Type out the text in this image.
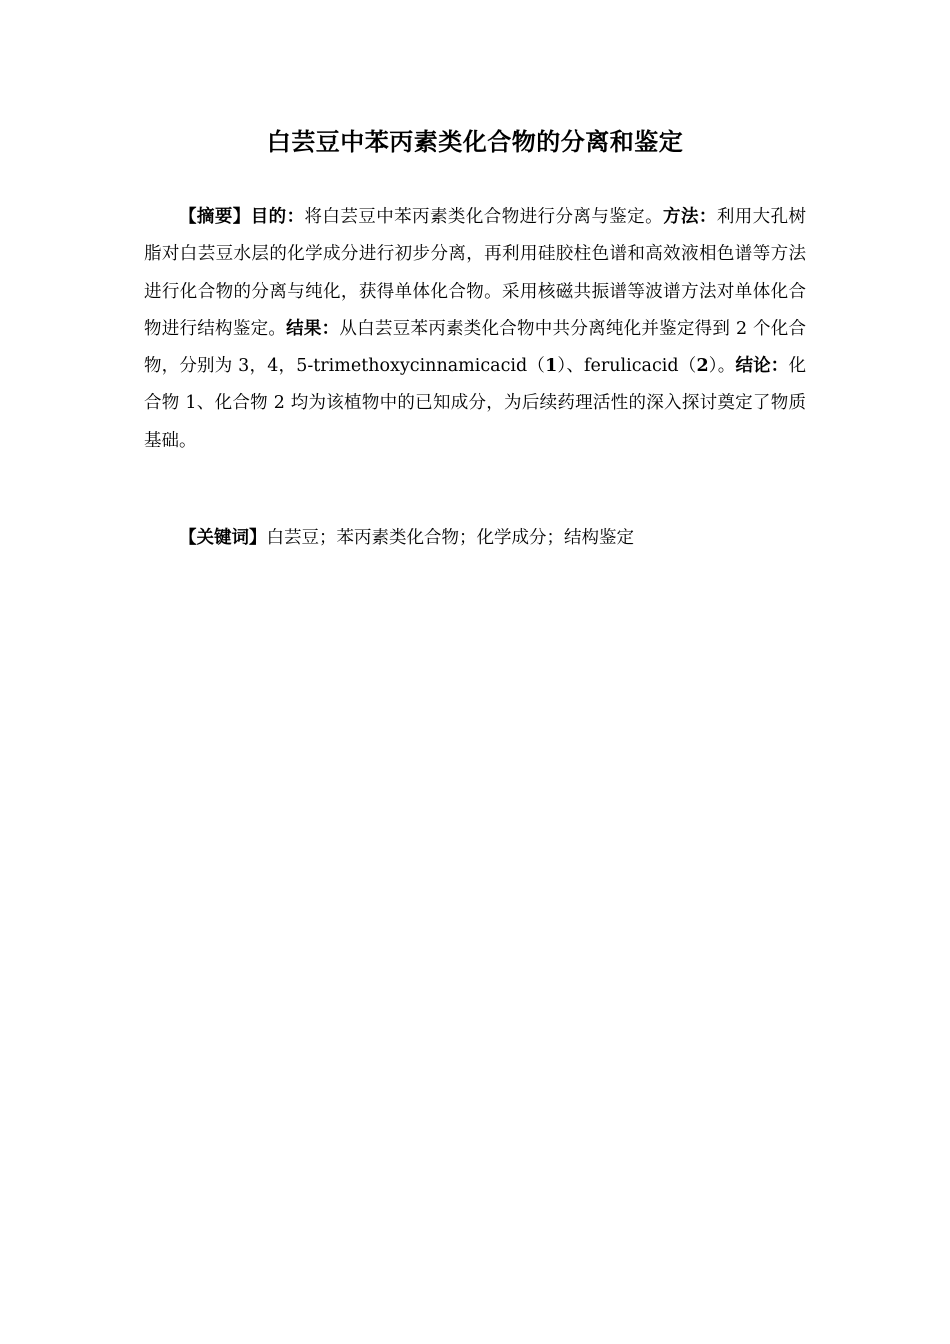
白芸豆中苯丙素类化合物的分离和鉴定

【摘要】目的：将白芸豆中苯丙素类化合物进行分离与鉴定。方法：利用大孔树脂对白芸豆水层的化学成分进行初步分离，再利用硅胶柱色谱和高效液相色谱等方法进行化合物的分离与纯化，获得单体化合物。采用核磁共振谱等波谱方法对单体化合物进行结构鉴定。结果：从白芸豆苯丙素类化合物中共分离纯化并鉴定得到 2 个化合物，分别为 3，4，5-trimethoxycinnamicacid（1）、ferulicacid（2）。结论：化合物 1、化合物 2 均为该植物中的已知成分，为后续药理活性的深入探讨奠定了物质基础。

【关键词】白芸豆；苯丙素类化合物；化学成分；结构鉴定
